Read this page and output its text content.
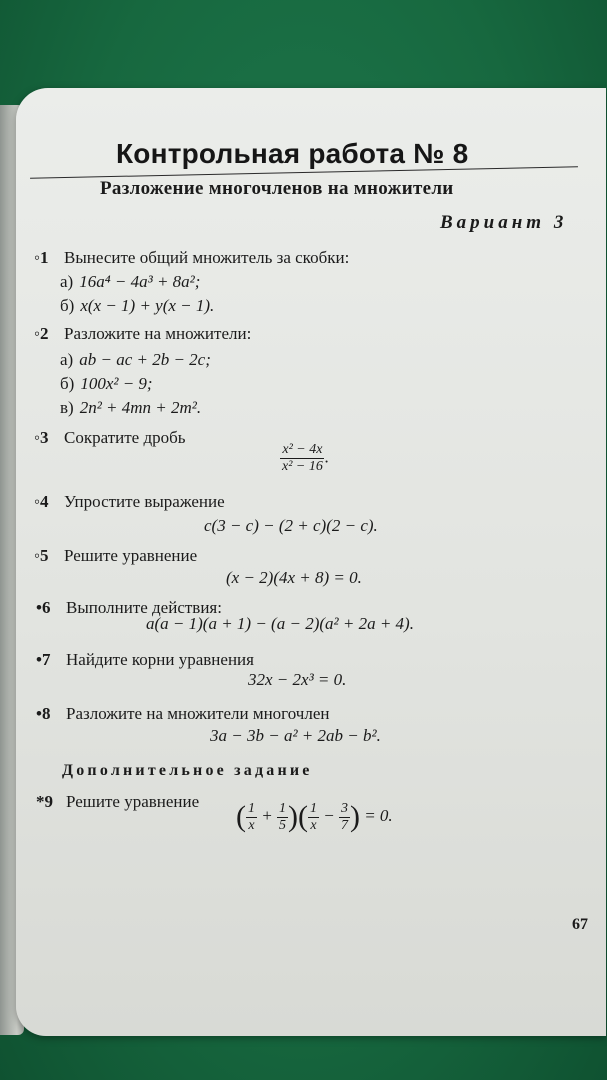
Контрольная работа № 8
Разложение многочленов на множители
Вариант 3
◦1 Вынесите общий множитель за скобки:
а) 16a⁴ − 4a³ + 8a²;
б) x(x − 1) + y(x − 1).
◦2 Разложите на множители:
а) ab − ac + 2b − 2c;
б) 100x² − 9;
в) 2n² + 4mn + 2m².
◦3 Сократите дробь
$\frac{\text{x² − 4x}}{\text{x² − 16}}$ .
◦4 Упростите выражение
c(3 − c) − (2 + c)(2 − c).
◦5 Решите уравнение
(x − 2)(4x + 8) = 0.
•6 Выполните действия:
a(a − 1)(a + 1) − (a − 2)(a² + 2a + 4).
•7 Найдите корни уравнения
32x − 2x³ = 0.
•8 Разложите на множители многочлен
3a − 3b − a² + 2ab − b².
Дополнительное задание
*9 Решите уравнение ( $\frac{1}{x} + \frac{1}{5}$ )( $\frac{1}{x} - \frac{3}{7}$ ) = 0.
67
